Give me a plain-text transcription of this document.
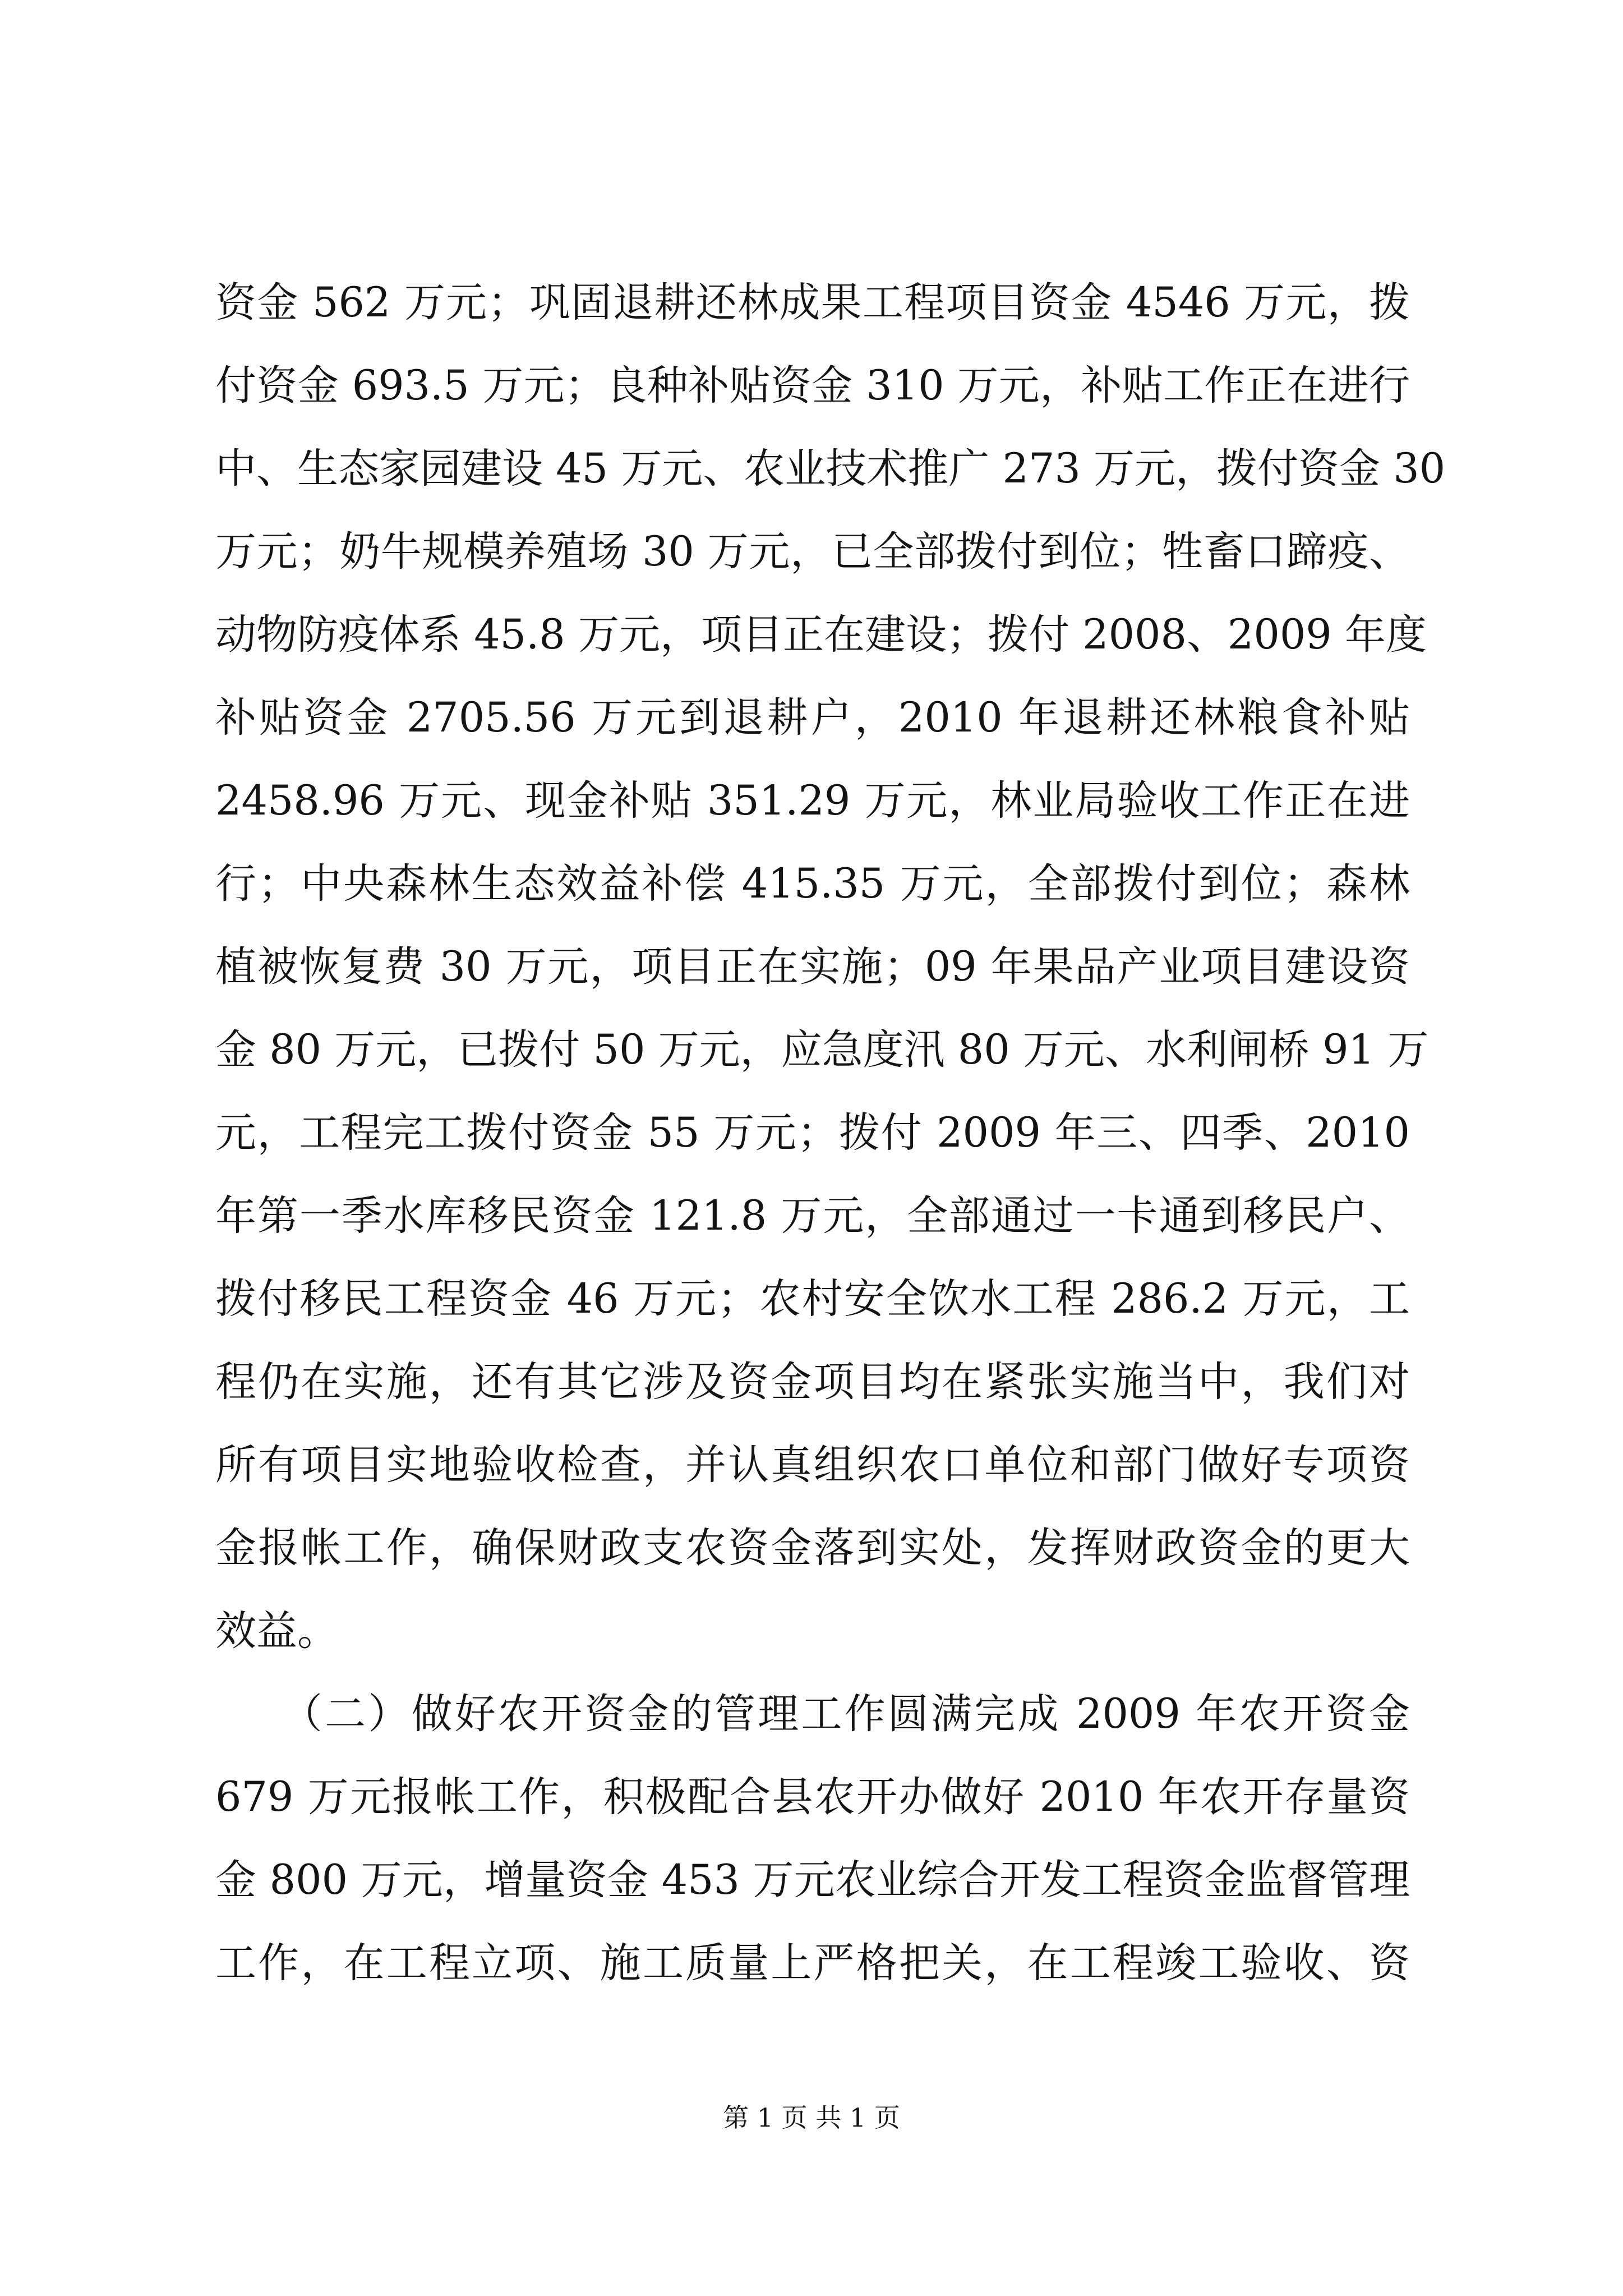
资金 562 万元；巩固退耕还林成果工程项目资金 4546 万元，拨
付资金 693.5 万元；良种补贴资金 310 万元，补贴工作正在进行
中、生态家园建设 45 万元、农业技术推广 273 万元，拨付资金 30
万元；奶牛规模养殖场 30 万元，已全部拨付到位；牲畜口蹄疫、
动物防疫体系 45.8 万元，项目正在建设；拨付 2008、2009 年度
补贴资金 2705.56 万元到退耕户，2010 年退耕还林粮食补贴
2458.96 万元、现金补贴 351.29 万元，林业局验收工作正在进
行；中央森林生态效益补偿 415.35 万元，全部拨付到位；森林
植被恢复费 30 万元，项目正在实施；09 年果品产业项目建设资
金 80 万元，已拨付 50 万元，应急度汛 80 万元、水利闸桥 91 万
元，工程完工拨付资金 55 万元；拨付 2009 年三、四季、2010
年第一季水库移民资金 121.8 万元，全部通过一卡通到移民户、
拨付移民工程资金 46 万元；农村安全饮水工程 286.2 万元，工
程仍在实施，还有其它涉及资金项目均在紧张实施当中，我们对
所有项目实地验收检查，并认真组织农口单位和部门做好专项资
金报帐工作，确保财政支农资金落到实处，发挥财政资金的更大
效益。
　　（二）做好农开资金的管理工作圆满完成 2009 年农开资金
679 万元报帐工作，积极配合县农开办做好 2010 年农开存量资
金 800 万元，增量资金 453 万元农业综合开发工程资金监督管理
工作，在工程立项、施工质量上严格把关，在工程竣工验收、资
第 1 页 共 1 页
